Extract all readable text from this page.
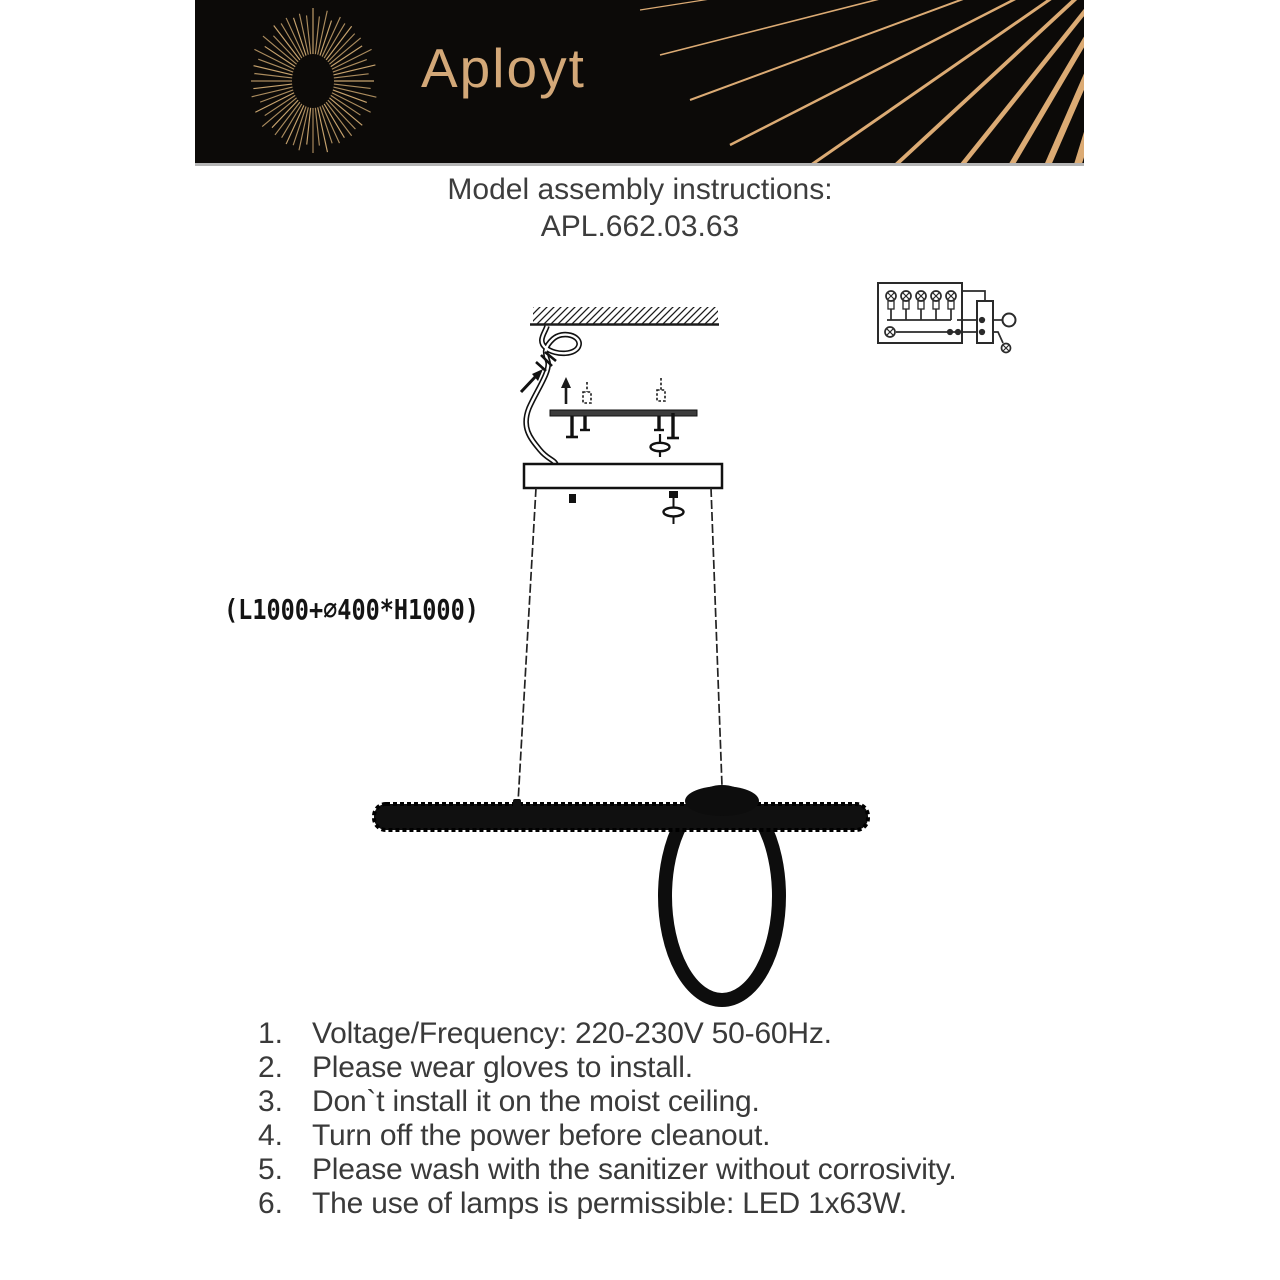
Aployt
Model assembly instructions:
APL.662.03.63
(L1000+⌀400*H1000)
1. Voltage/Frequency: 220-230V 50-60Hz.
2. Please wear gloves to install.
3. Don`t install it on the moist ceiling.
4. Turn off the power before cleanout.
5. Please wash with the sanitizer without corrosivity.
6. The use of lamps is permissible: LED 1x63W.
